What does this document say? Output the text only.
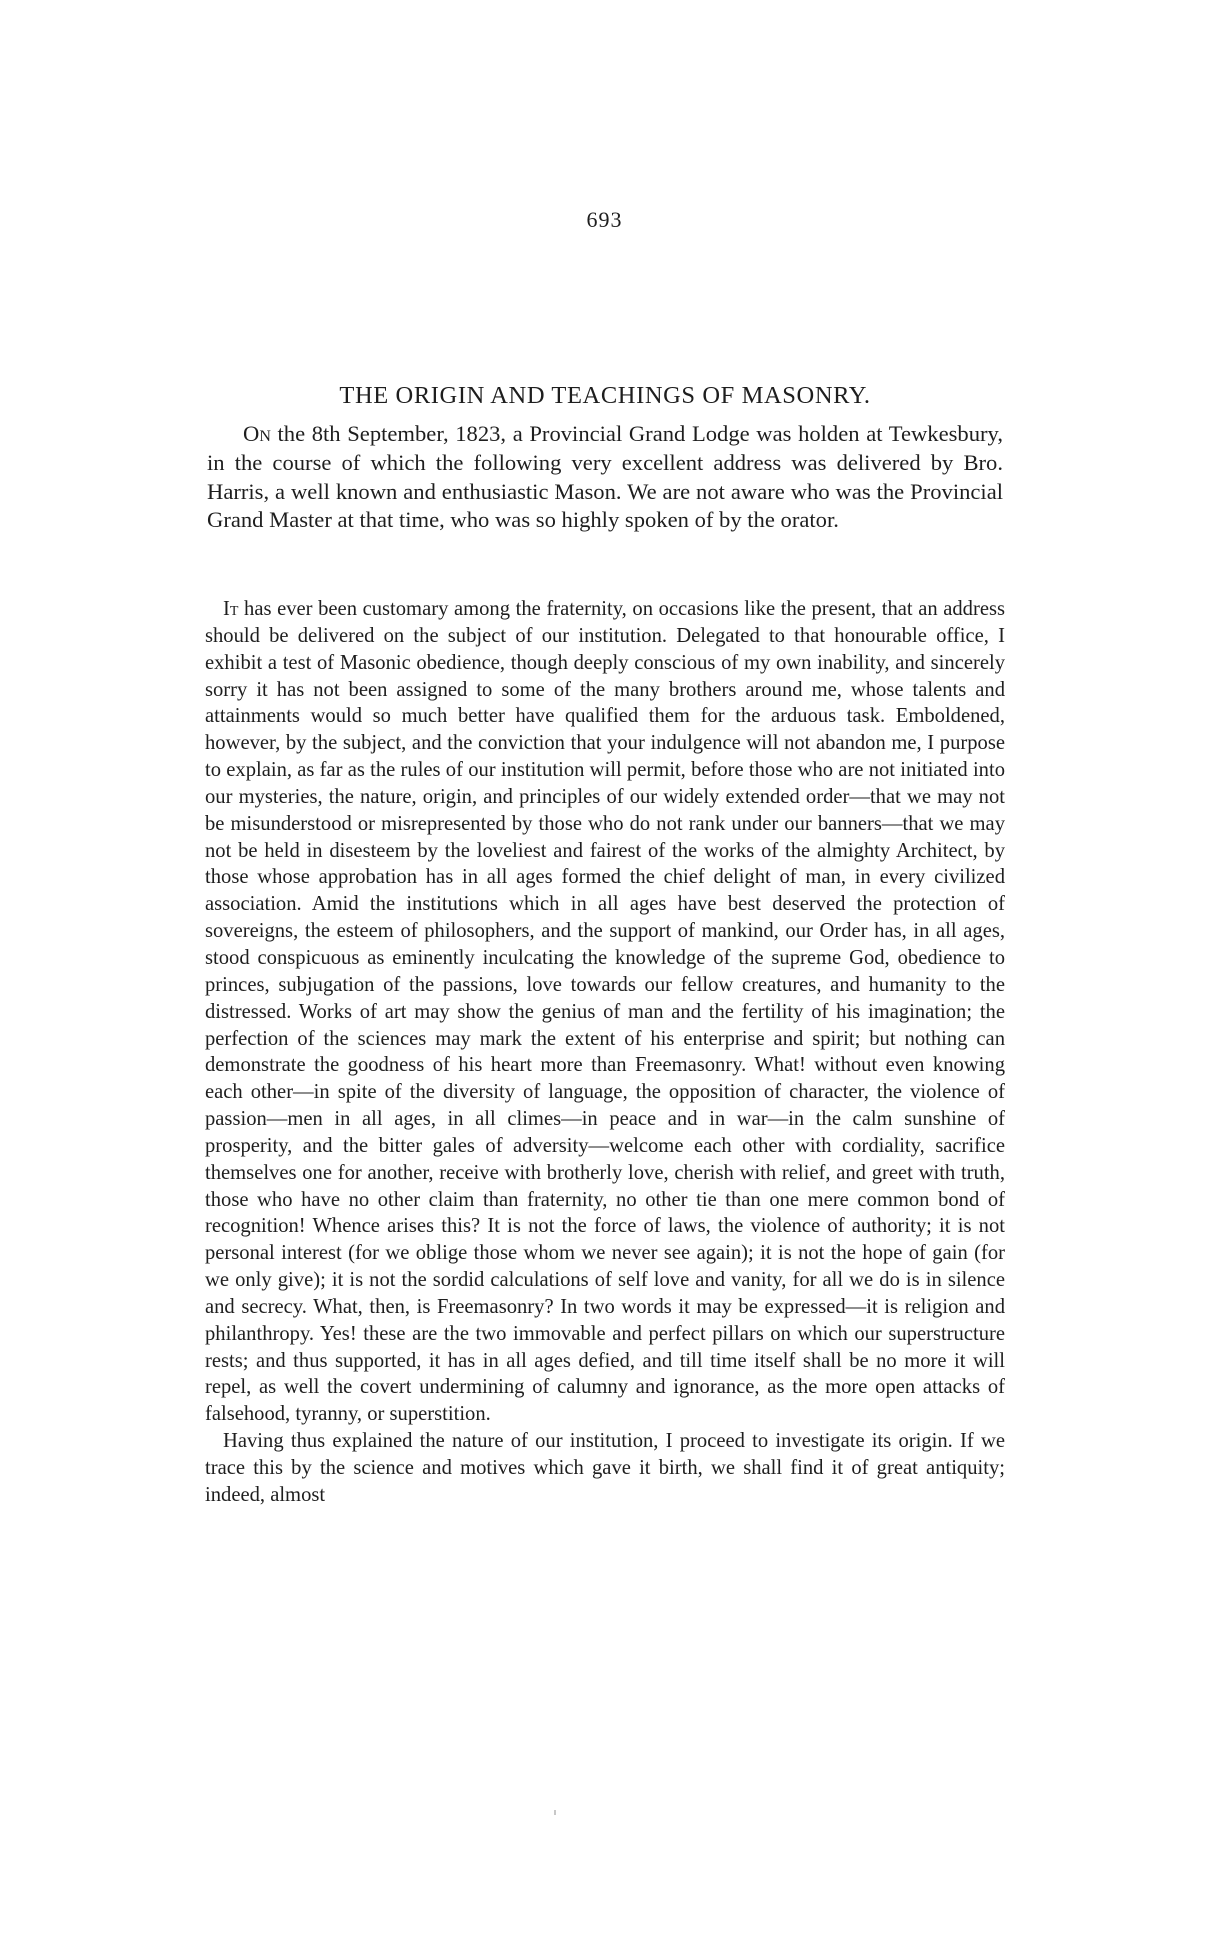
693
THE ORIGIN AND TEACHINGS OF MASONRY.

On the 8th September, 1823, a Provincial Grand Lodge was holden at Tewkesbury, in the course of which the following very excellent address was delivered by Bro. Harris, a well known and enthusiastic Mason. We are not aware who was the Provincial Grand Master at that time, who was so highly spoken of by the orator.

It has ever been customary among the fraternity, on occasions like the present, that an address should be delivered on the subject of our institution. Delegated to that honourable office, I exhibit a test of Masonic obedience, though deeply conscious of my own inability, and sincerely sorry it has not been assigned to some of the many brothers around me, whose talents and attainments would so much better have qualified them for the arduous task. Emboldened, however, by the subject, and the conviction that your indulgence will not abandon me, I purpose to explain, as far as the rules of our institution will permit, before those who are not initiated into our mysteries, the nature, origin, and principles of our widely extended order—that we may not be misunderstood or misrepresented by those who do not rank under our banners—that we may not be held in disesteem by the loveliest and fairest of the works of the almighty Architect, by those whose approbation has in all ages formed the chief delight of man, in every civilized association. Amid the institutions which in all ages have best deserved the protection of sovereigns, the esteem of philosophers, and the support of mankind, our Order has, in all ages, stood conspicuous as eminently inculcating the knowledge of the supreme God, obedience to princes, subjugation of the passions, love towards our fellow creatures, and humanity to the distressed. Works of art may show the genius of man and the fertility of his imagination; the perfection of the sciences may mark the extent of his enterprise and spirit; but nothing can demonstrate the goodness of his heart more than Freemasonry. What! without even knowing each other—in spite of the diversity of language, the opposition of character, the violence of passion—men in all ages, in all climes—in peace and in war—in the calm sunshine of prosperity, and the bitter gales of adversity—welcome each other with cordiality, sacrifice themselves one for another, receive with brotherly love, cherish with relief, and greet with truth, those who have no other claim than fraternity, no other tie than one mere common bond of recognition! Whence arises this? It is not the force of laws, the violence of authority; it is not personal interest (for we oblige those whom we never see again); it is not the hope of gain (for we only give); it is not the sordid calculations of self love and vanity, for all we do is in silence and secrecy. What, then, is Freemasonry? In two words it may be expressed—it is religion and philanthropy. Yes! these are the two immovable and perfect pillars on which our superstructure rests; and thus supported, it has in all ages defied, and till time itself shall be no more it will repel, as well the covert undermining of calumny and ignorance, as the more open attacks of falsehood, tyranny, or superstition.

Having thus explained the nature of our institution, I proceed to investigate its origin. If we trace this by the science and motives which gave it birth, we shall find it of great antiquity; indeed, almost
